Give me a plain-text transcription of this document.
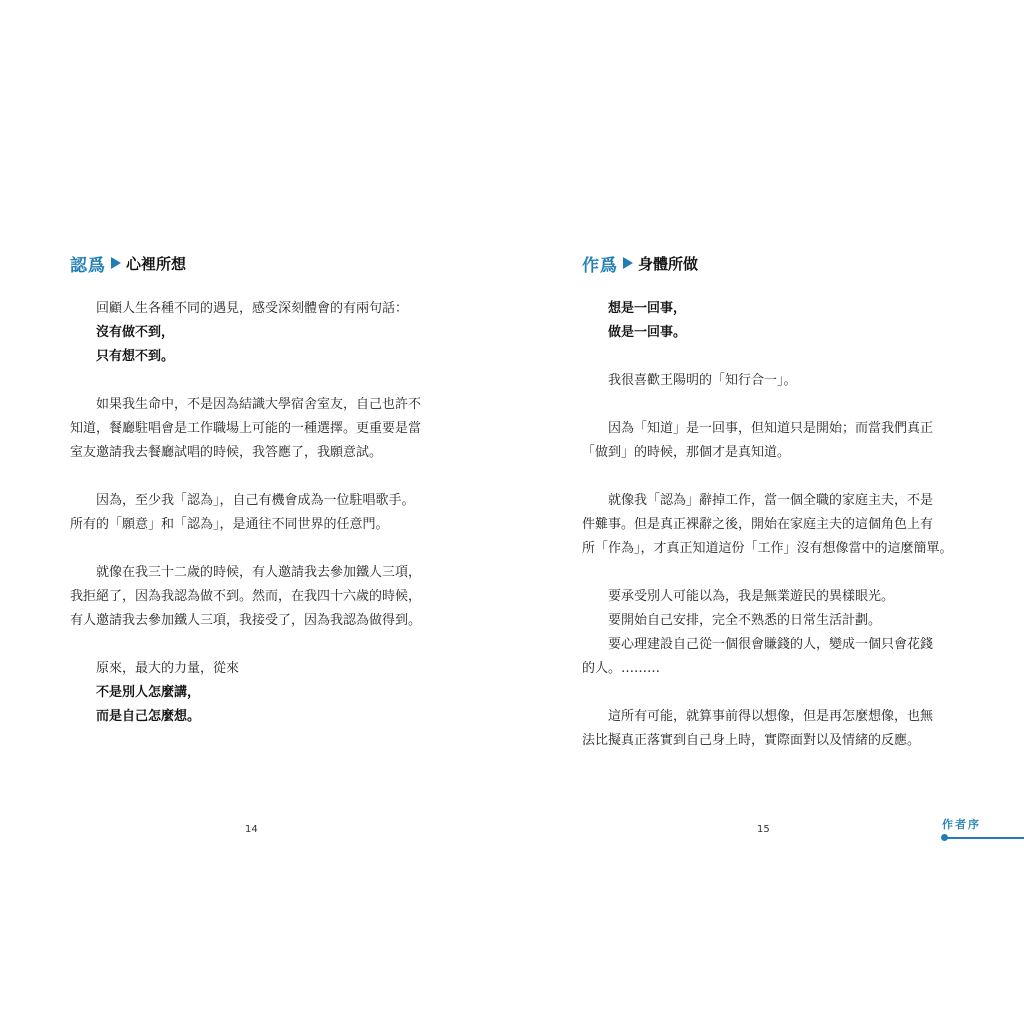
認爲 心裡所想
回顧人生各種不同的遇見，感受深刻體會的有兩句話：
沒有做不到，
只有想不到。
如果我生命中，不是因為結識大學宿舍室友，自己也許不
知道，餐廳駐唱會是工作職場上可能的一種選擇。更重要是當
室友邀請我去餐廳試唱的時候，我答應了，我願意試。
因為，至少我「認為」，自己有機會成為一位駐唱歌手。
所有的「願意」和「認為」，是通往不同世界的任意門。
就像在我三十二歲的時候，有人邀請我去參加鐵人三項，
我拒絕了，因為我認為做不到。然而，在我四十六歲的時候，
有人邀請我去參加鐵人三項，我接受了，因為我認為做得到。
原來，最大的力量，從來
不是別人怎麼講，
而是自己怎麼想。
14
作爲 身體所做
想是一回事，
做是一回事。
我很喜歡王陽明的「知行合一」。
因為「知道」是一回事，但知道只是開始；而當我們真正
「做到」的時候，那個才是真知道。
就像我「認為」辭掉工作，當一個全職的家庭主夫，不是
件難事。但是真正裸辭之後，開始在家庭主夫的這個角色上有
所「作為」，才真正知道這份「工作」沒有想像當中的這麼簡單。
要承受別人可能以為，我是無業遊民的異樣眼光。
要開始自己安排，完全不熟悉的日常生活計劃。
要心理建設自己從一個很會賺錢的人，變成一個只會花錢
的人。………
這所有可能，就算事前得以想像，但是再怎麼想像，也無
法比擬真正落實到自己身上時，實際面對以及情緒的反應。
15	作者序
